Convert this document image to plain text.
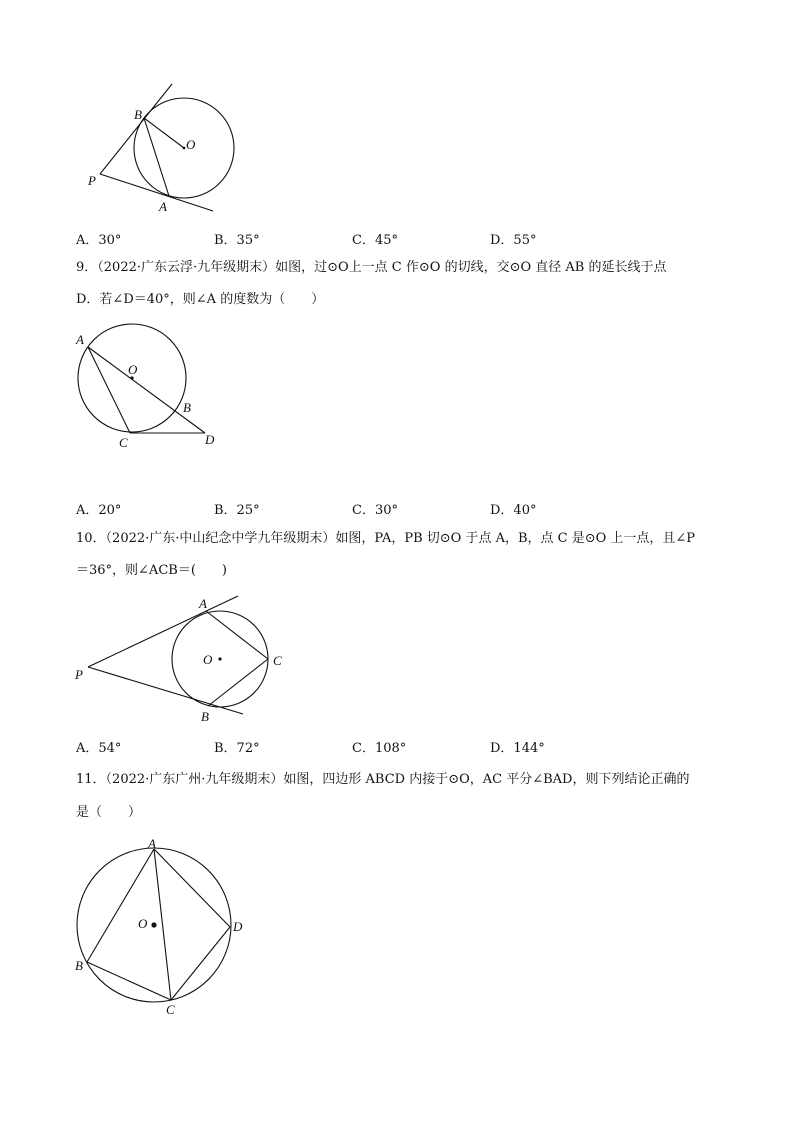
B
O
P
A
A．30°	B．35°	C．45°	D．55°
9．（2022·广东云浮·九年级期末）如图，过⊙O上一点 C 作⊙O 的切线，交⊙O 直径 AB 的延长线于点
D．若∠D＝40°，则∠A 的度数为（　　）
A
O
B
C	D
A．20°	B．25°	C．30°	D．40°
10．（2022·广东·中山纪念中学九年级期末）如图，PA，PB 切⊙O 于点 A，B，点 C 是⊙O 上一点，且∠P
＝36°，则∠ACB＝(　　)
A
O	C
P
B
A．54°	B．72°	C．108°	D．144°
11．（2022·广东广州·九年级期末）如图，四边形 ABCD 内接于⊙O，AC 平分∠BAD，则下列结论正确的
是（　　）
A
O	D
B
C
